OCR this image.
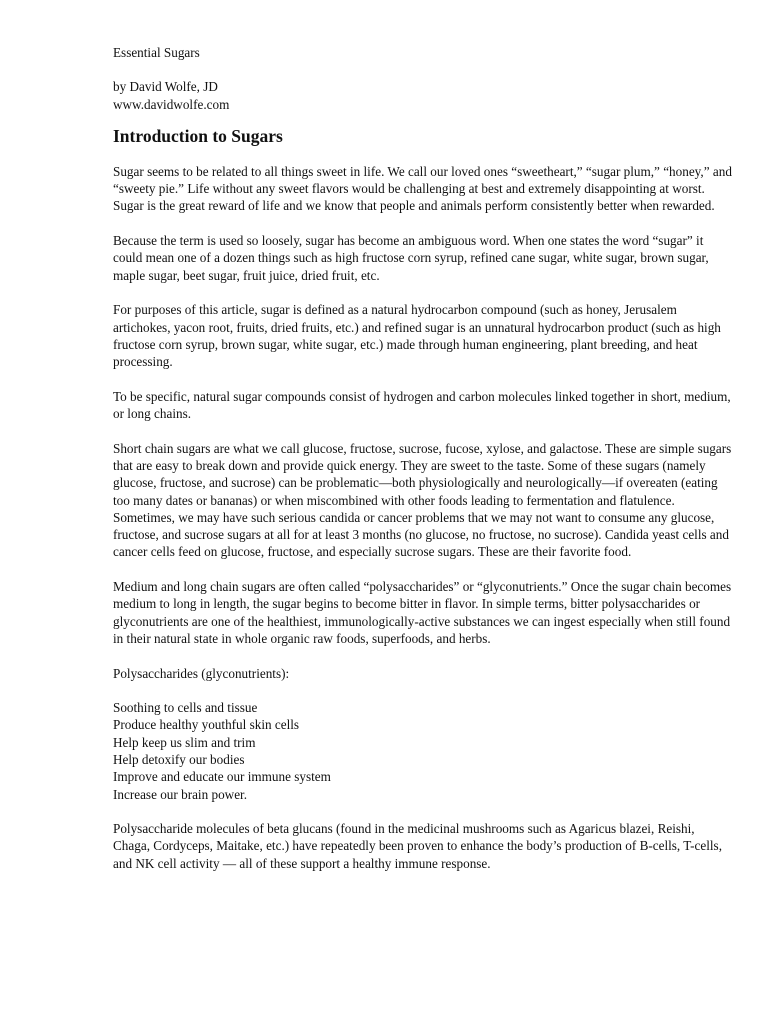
Essential Sugars

by David Wolfe, JD

www.davidwolfe.com

Introduction to Sugars

Sugar seems to be related to all things sweet in life. We call our loved ones “sweetheart,” “sugar plum,” “honey,” and “sweety pie.” Life without any sweet flavors would be challenging at best and extremely disappointing at worst. Sugar is the great reward of life and we know that people and animals perform consistently better when rewarded.

Because the term is used so loosely, sugar has become an ambiguous word. When one states the word “sugar” it could mean one of a dozen things such as high fructose corn syrup, refined cane sugar, white sugar, brown sugar, maple sugar, beet sugar, fruit juice, dried fruit, etc.

For purposes of this article, sugar is defined as a natural hydrocarbon compound (such as honey, Jerusalem artichokes, yacon root, fruits, dried fruits, etc.) and refined sugar is an unnatural hydrocarbon product (such as high fructose corn syrup, brown sugar, white sugar, etc.) made through human engineering, plant breeding, and heat processing.

To be specific, natural sugar compounds consist of hydrogen and carbon molecules linked together in short, medium, or long chains.

Short chain sugars are what we call glucose, fructose, sucrose, fucose, xylose, and galactose. These are simple sugars that are easy to break down and provide quick energy. They are sweet to the taste. Some of these sugars (namely glucose, fructose, and sucrose) can be problematic—both physiologically and neurologically—if overeaten (eating too many dates or bananas) or when miscombined with other foods leading to fermentation and flatulence. Sometimes, we may have such serious candida or cancer problems that we may not want to consume any glucose, fructose, and sucrose sugars at all for at least 3 months (no glucose, no fructose, no sucrose). Candida yeast cells and cancer cells feed on glucose, fructose, and especially sucrose sugars. These are their favorite food.

Medium and long chain sugars are often called “polysaccharides” or “glyconutrients.” Once the sugar chain becomes medium to long in length, the sugar begins to become bitter in flavor. In simple terms, bitter polysaccharides or glyconutrients are one of the healthiest, immunologically-active substances we can ingest especially when still found in their natural state in whole organic raw foods, superfoods, and herbs.

Polysaccharides (glyconutrients):

Soothing to cells and tissue
Produce healthy youthful skin cells
Help keep us slim and trim
Help detoxify our bodies
Improve and educate our immune system
Increase our brain power.

Polysaccharide molecules of beta glucans (found in the medicinal mushrooms such as Agaricus blazei, Reishi, Chaga, Cordyceps, Maitake, etc.) have repeatedly been proven to enhance the body’s production of B-cells, T-cells, and NK cell activity — all of these support a healthy immune response.
